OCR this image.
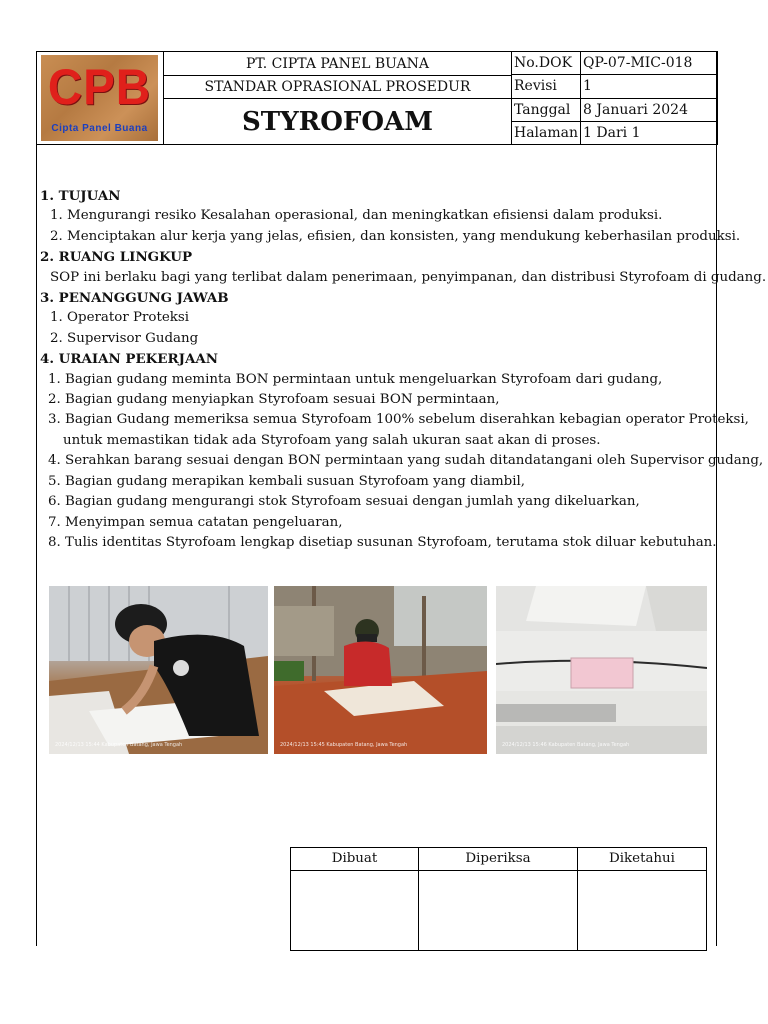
CPB
Cipta Panel Buana
PT. CIPTA PANEL BUANA
STANDAR OPRASIONAL PROSEDUR
STYROFOAM
No.DOK	QP-07-MIC-018
Revisi	1
Tanggal	8 Januari 2024
Halaman	1 Dari 1
1. TUJUAN
1. Mengurangi resiko Kesalahan operasional, dan meningkatkan efisiensi dalam produksi.
2. Menciptakan alur kerja yang jelas, efisien, dan konsisten, yang mendukung keberhasilan produksi.
2. RUANG LINGKUP
SOP ini berlaku bagi yang terlibat dalam penerimaan, penyimpanan, dan distribusi Styrofoam di gudang.
3. PENANGGUNG JAWAB
1. Operator Proteksi
2. Supervisor Gudang
4. URAIAN PEKERJAAN
1. Bagian gudang meminta BON permintaan untuk mengeluarkan Styrofoam dari gudang,
2. Bagian gudang menyiapkan Styrofoam sesuai BON permintaan,
3. Bagian Gudang memeriksa semua Styrofoam 100% sebelum diserahkan kebagian operator Proteksi,
untuk memastikan tidak ada Styrofoam yang salah ukuran saat akan di proses.
4. Serahkan barang sesuai dengan BON permintaan yang sudah ditandatangani oleh Supervisor gudang,
5. Bagian gudang merapikan kembali susuan Styrofoam yang diambil,
6. Bagian gudang mengurangi stok Styrofoam sesuai dengan jumlah yang dikeluarkan,
7. Menyimpan semua catatan pengeluaran,
8. Tulis identitas Styrofoam lengkap disetiap susunan Styrofoam, terutama stok diluar kebutuhan.
2024/12/13 15:44 Kabupaten Batang, Jawa Tengah	2024/12/13 15:45 Kabupaten Batang, Jawa Tengah	2024/12/13 15:46 Kabupaten Batang, Jawa Tengah
Dibuat	Diperiksa	Diketahui
